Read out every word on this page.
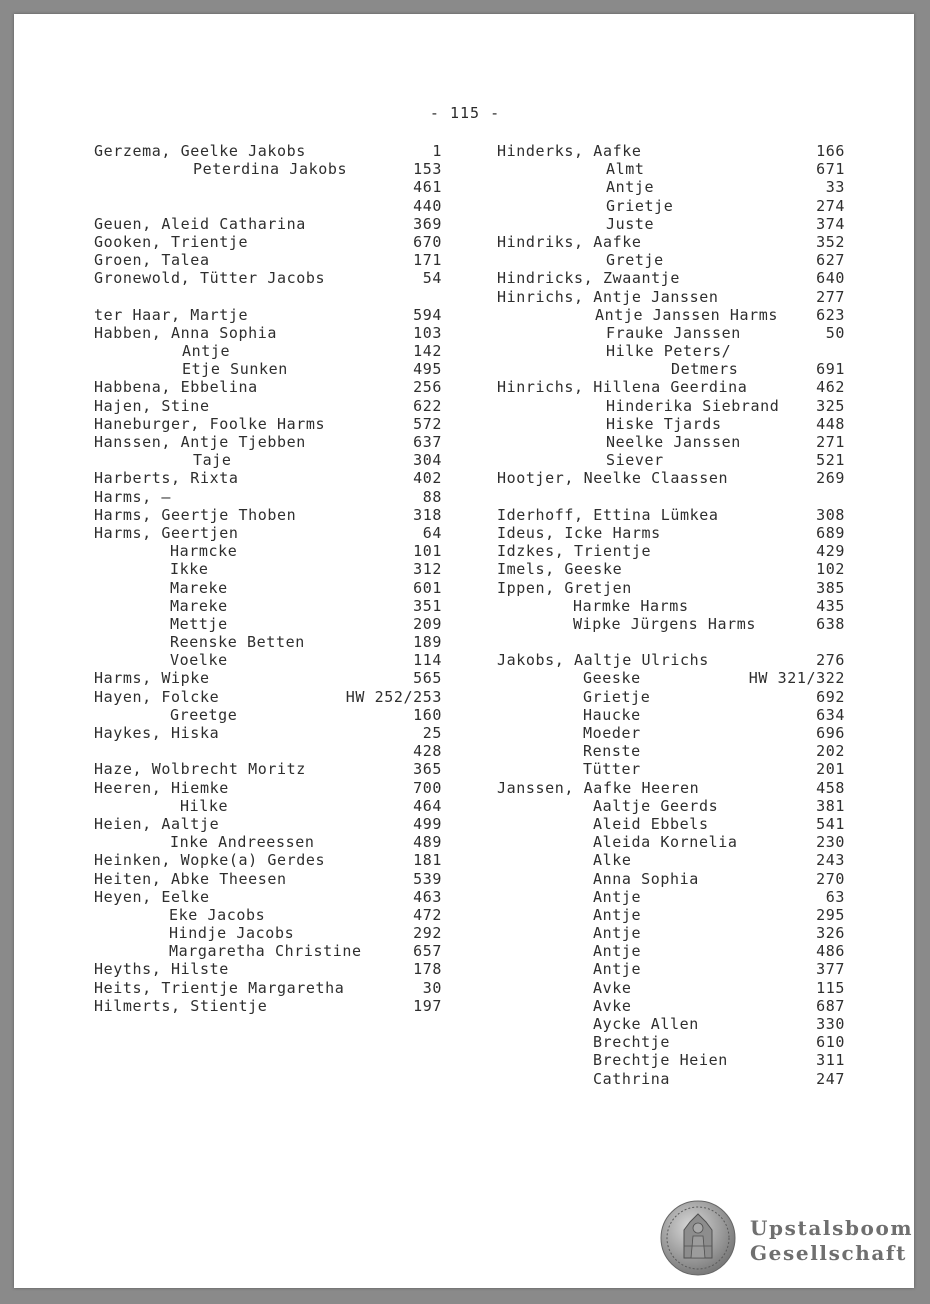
- 115 -
Gerzema, Geelke Jakobs	1
Peterdina Jakobs	153
461
440
Geuen, Aleid Catharina	369
Gooken, Trientje	670
Groen, Talea	171
Gronewold, Tütter Jacobs	54
ter Haar, Martje	594
Habben, Anna Sophia	103
Antje	142
Etje Sunken	495
Habbena, Ebbelina	256
Hajen, Stine	622
Haneburger, Foolke Harms	572
Hanssen, Antje Tjebben	637
Taje	304
Harberts, Rixta	402
Harms, –	88
Harms, Geertje Thoben	318
Harms, Geertjen	64
Harmcke	101
Ikke	312
Mareke	601
Mareke	351
Mettje	209
Reenske Betten	189
Voelke	114
Harms, Wipke	565
Hayen, Folcke	HW 252/253
Greetge	160
Haykes, Hiska	25
428
Haze, Wolbrecht Moritz	365
Heeren, Hiemke	700
Hilke	464
Heien, Aaltje	499
Inke Andreessen	489
Heinken, Wopke(a) Gerdes	181
Heiten, Abke Theesen	539
Heyen, Eelke	463
Eke Jacobs	472
Hindje Jacobs	292
Margaretha Christine	657
Heyths, Hilste	178
Heits, Trientje Margaretha	30
Hilmerts, Stientje	197
Hinderks, Aafke	166
Almt	671
Antje	33
Grietje	274
Juste	374
Hindriks, Aafke	352
Gretje	627
Hindricks, Zwaantje	640
Hinrichs, Antje Janssen	277
Antje Janssen Harms	623
Frauke Janssen	50
Hilke Peters/
Detmers	691
Hinrichs, Hillena Geerdina	462
Hinderika Siebrand 325
Hiske Tjards	448
Neelke Janssen	271
Siever	521
Hootjer, Neelke Claassen	269
Iderhoff, Ettina Lümkea	308
Ideus, Icke Harms	689
Idzkes, Trientje	429
Imels, Geeske	102
Ippen, Gretjen	385
Harmke Harms	435
Wipke Jürgens Harms	638
Jakobs, Aaltje Ulrichs	276
Geeske	HW 321/322
Grietje	692
Haucke	634
Moeder	696
Renste	202
Tütter	201
Janssen, Aafke Heeren	458
Aaltje Geerds	381
Aleid Ebbels	541
Aleida Kornelia	230
Alke	243
Anna Sophia	270
Antje	63
Antje	295
Antje	326
Antje	486
Antje	377
Avke	115
Avke	687
Aycke Allen	330
Brechtje	610
Brechtje Heien	311
Cathrina	247
Upstalsboom
Gesellschaft
